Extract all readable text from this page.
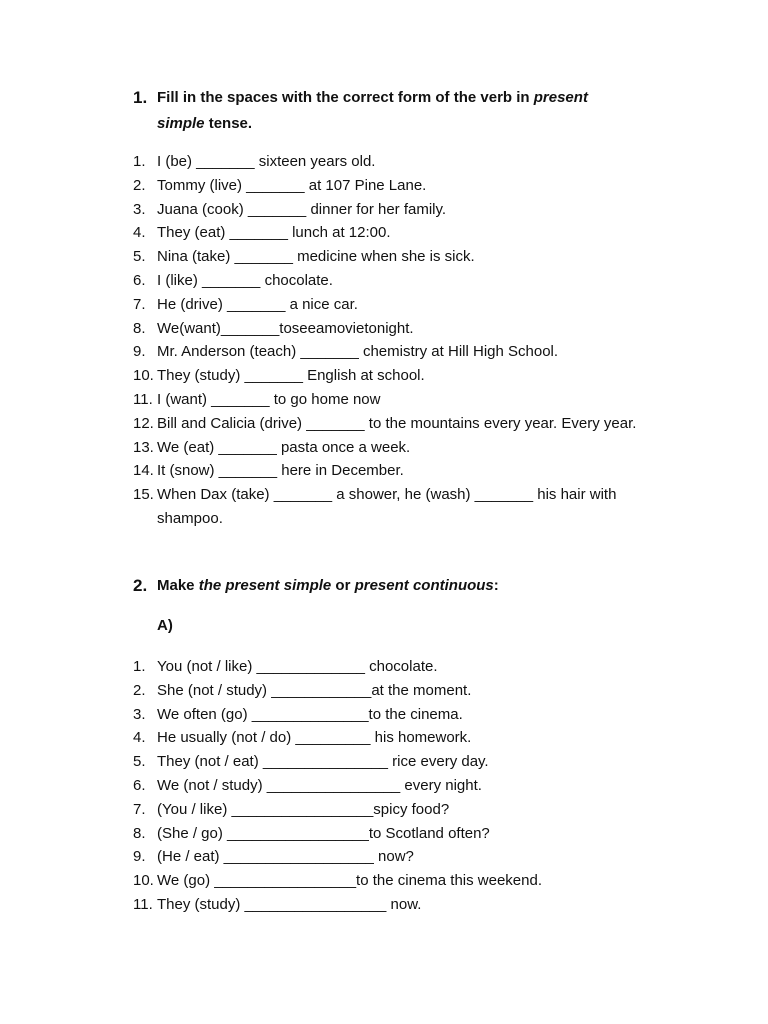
1. Fill in the spaces with the correct form of the verb in present simple tense.
1. I (be) _______ sixteen years old.
2. Tommy (live) _______ at 107 Pine Lane.
3. Juana (cook) _______ dinner for her family.
4. They (eat) _______ lunch at 12:00.
5. Nina (take) _______ medicine when she is sick.
6. I (like) _______ chocolate.
7. He (drive) _______ a nice car.
8. We(want)_______toseeamovietonight.
9. Mr. Anderson (teach) _______ chemistry at Hill High School.
10. They (study) _______ English at school.
11. I (want) _______ to go home now
12. Bill and Calicia (drive) _______ to the mountains every year. Every year.
13. We (eat) _______ pasta once a week.
14. It (snow) _______ here in December.
15. When Dax (take) _______ a shower, he (wash) _______ his hair with shampoo.
2. Make the present simple or present continuous:
A)
1. You (not / like) _____________ chocolate.
2. She (not / study) ____________at the moment.
3. We often (go) ______________to the cinema.
4. He usually (not / do) _________ his homework.
5. They (not / eat) _______________ rice every day.
6. We (not / study) ________________ every night.
7. (You / like) _________________spicy food?
8. (She / go) _________________to Scotland often?
9. (He / eat) __________________ now?
10. We (go) _________________to the cinema this weekend.
11. They (study) _________________ now.
